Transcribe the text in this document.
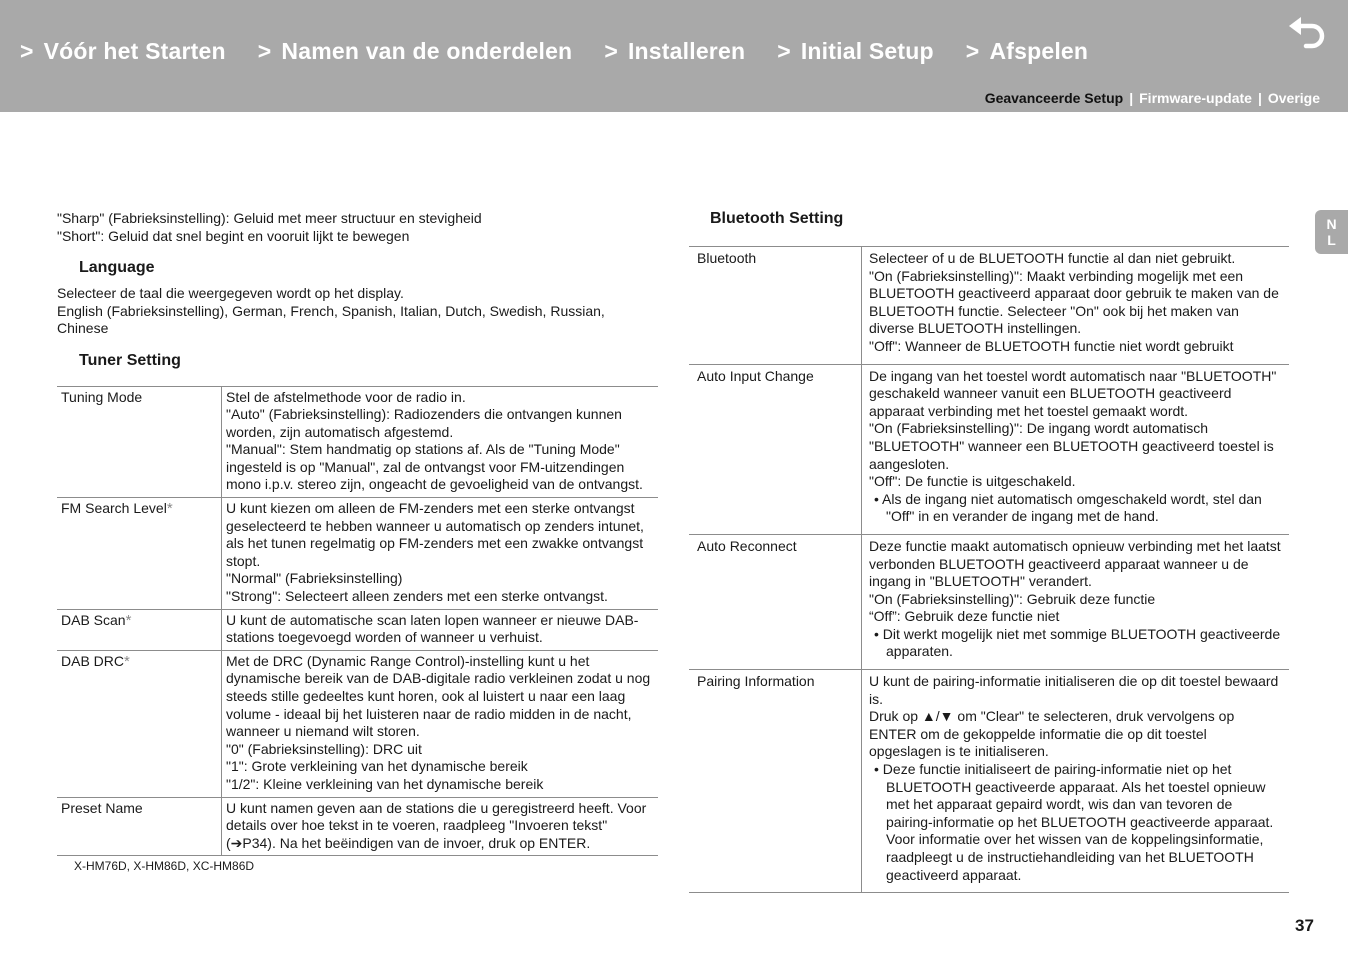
> Vóór het Starten > Namen van de onderdelen > Installeren > Initial Setup > Afspelen
Geavanceerde Setup | Firmware-update | Overige
N
L

"Sharp" (Fabrieksinstelling): Geluid met meer structuur en stevigheid
"Short": Geluid dat snel begint en vooruit lijkt te bewegen

Language

Selecteer de taal die weergegeven wordt op het display.
English (Fabrieksinstelling), German, French, Spanish, Italian, Dutch, Swedish, Russian, Chinese

Tuner Setting
Tuning Mode	Stel de afstelmethode voor de radio in.
"Auto" (Fabrieksinstelling): Radiozenders die ontvangen kunnen worden, zijn automatisch afgestemd.
"Manual": Stem handmatig op stations af. Als de "Tuning Mode" ingesteld is op "Manual", zal de ontvangst voor FM-uitzendingen mono i.p.v. stereo zijn, ongeacht de gevoeligheid van de ontvangst.

FM Search Level*	U kunt kiezen om alleen de FM-zenders met een sterke ontvangst geselecteerd te hebben wanneer u automatisch op zenders intunet, als het tunen regelmatig op FM-zenders met een zwakke ontvangst stopt.
"Normal" (Fabrieksinstelling)
"Strong": Selecteert alleen zenders met een sterke ontvangst.

DAB Scan*	U kunt de automatische scan laten lopen wanneer er nieuwe DAB-stations toegevoegd worden of wanneer u verhuist.

DAB DRC*	Met de DRC (Dynamic Range Control)-instelling kunt u het dynamische bereik van de DAB-digitale radio verkleinen zodat u nog steeds stille gedeeltes kunt horen, ook al luistert u naar een laag volume - ideaal bij het luisteren naar de radio midden in de nacht, wanneer u niemand wilt storen.
"0" (Fabrieksinstelling): DRC uit
"1": Grote verkleining van het dynamische bereik
"1/2": Kleine verkleining van het dynamische bereik

Preset Name	U kunt namen geven aan de stations die u geregistreerd heeft. Voor details over hoe tekst in te voeren, raadpleeg "Invoeren tekst" (➔P34). Na het beëindigen van de invoer, druk op ENTER.

X-HM76D, X-HM86D, XC-HM86D

Bluetooth Setting
Bluetooth	Selecteer of u de BLUETOOTH functie al dan niet gebruikt.
"On (Fabrieksinstelling)": Maakt verbinding mogelijk met een BLUETOOTH geactiveerd apparaat door gebruik te maken van de BLUETOOTH functie. Selecteer "On" ook bij het maken van diverse BLUETOOTH instellingen.
"Off": Wanneer de BLUETOOTH functie niet wordt gebruikt

Auto Input Change	De ingang van het toestel wordt automatisch naar "BLUETOOTH" geschakeld wanneer vanuit een BLUETOOTH geactiveerd apparaat verbinding met het toestel gemaakt wordt.
"On (Fabrieksinstelling)": De ingang wordt automatisch "BLUETOOTH" wanneer een BLUETOOTH geactiveerd toestel is aangesloten.
"Off": De functie is uitgeschakeld.
• Als de ingang niet automatisch omgeschakeld wordt, stel dan "Off" in en verander de ingang met de hand.

Auto Reconnect	Deze functie maakt automatisch opnieuw verbinding met het laatst verbonden BLUETOOTH geactiveerd apparaat wanneer u de ingang in "BLUETOOTH" verandert.
"On (Fabrieksinstelling)": Gebruik deze functie
“Off”: Gebruik deze functie niet
• Dit werkt mogelijk niet met sommige BLUETOOTH geactiveerde apparaten.

Pairing Information	U kunt de pairing-informatie initialiseren die op dit toestel bewaard is.
Druk op ▲/▼ om "Clear" te selecteren, druk vervolgens op ENTER om de gekoppelde informatie die op dit toestel opgeslagen is te initialiseren.
• Deze functie initialiseert de pairing-informatie niet op het BLUETOOTH geactiveerde apparaat. Als het toestel opnieuw met het apparaat gepaird wordt, wis dan van tevoren de pairing-informatie op het BLUETOOTH geactiveerde apparaat. Voor informatie over het wissen van de koppelingsinformatie, raadpleegt u de instructiehandleiding van het BLUETOOTH geactiveerd apparaat.
37
